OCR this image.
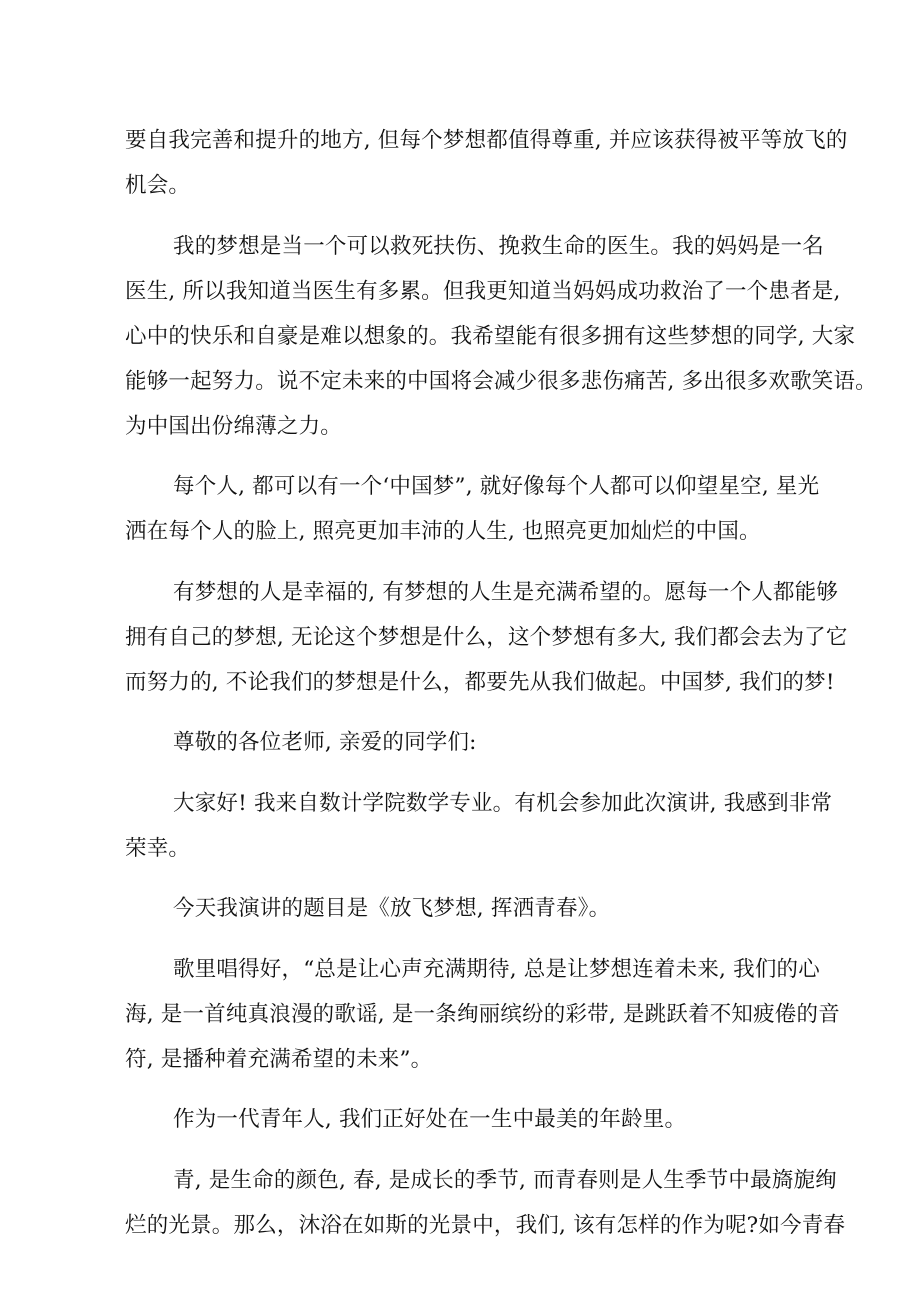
要自我完善和提升的地方, 但每个梦想都值得尊重, 并应该获得被平等放飞的
机会。
我的梦想是当一个可以救死扶伤、挽救生命的医生。我的妈妈是一名
医生, 所以我知道当医生有多累。但我更知道当妈妈成功救治了一个患者是,
心中的快乐和自豪是难以想象的。我希望能有很多拥有这些梦想的同学, 大家
能够一起努力。说不定未来的中国将会减少很多悲伤痛苦, 多出很多欢歌笑语。
为中国出份绵薄之力。
每个人, 都可以有一个‘中国梦”, 就好像每个人都可以仰望星空, 星光
洒在每个人的脸上, 照亮更加丰沛的人生, 也照亮更加灿烂的中国。
有梦想的人是幸福的, 有梦想的人生是充满希望的。愿每一个人都能够
拥有自己的梦想, 无论这个梦想是什么，这个梦想有多大, 我们都会去为了它
而努力的, 不论我们的梦想是什么，都要先从我们做起。中国梦, 我们的梦!
尊敬的各位老师, 亲爱的同学们:
大家好! 我来自数计学院数学专业。有机会参加此次演讲, 我感到非常
荣幸。
今天我演讲的题目是《放飞梦想, 挥洒青春》。
歌里唱得好，“总是让心声充满期待, 总是让梦想连着未来, 我们的心
海, 是一首纯真浪漫的歌谣, 是一条绚丽缤纷的彩带, 是跳跃着不知疲倦的音
符, 是播种着充满希望的未来”。
作为一代青年人, 我们正好处在一生中最美的年龄里。
青, 是生命的颜色, 春, 是成长的季节, 而青春则是人生季节中最旖旎绚
烂的光景。那么，沐浴在如斯的光景中，我们, 该有怎样的作为呢?如今青春
